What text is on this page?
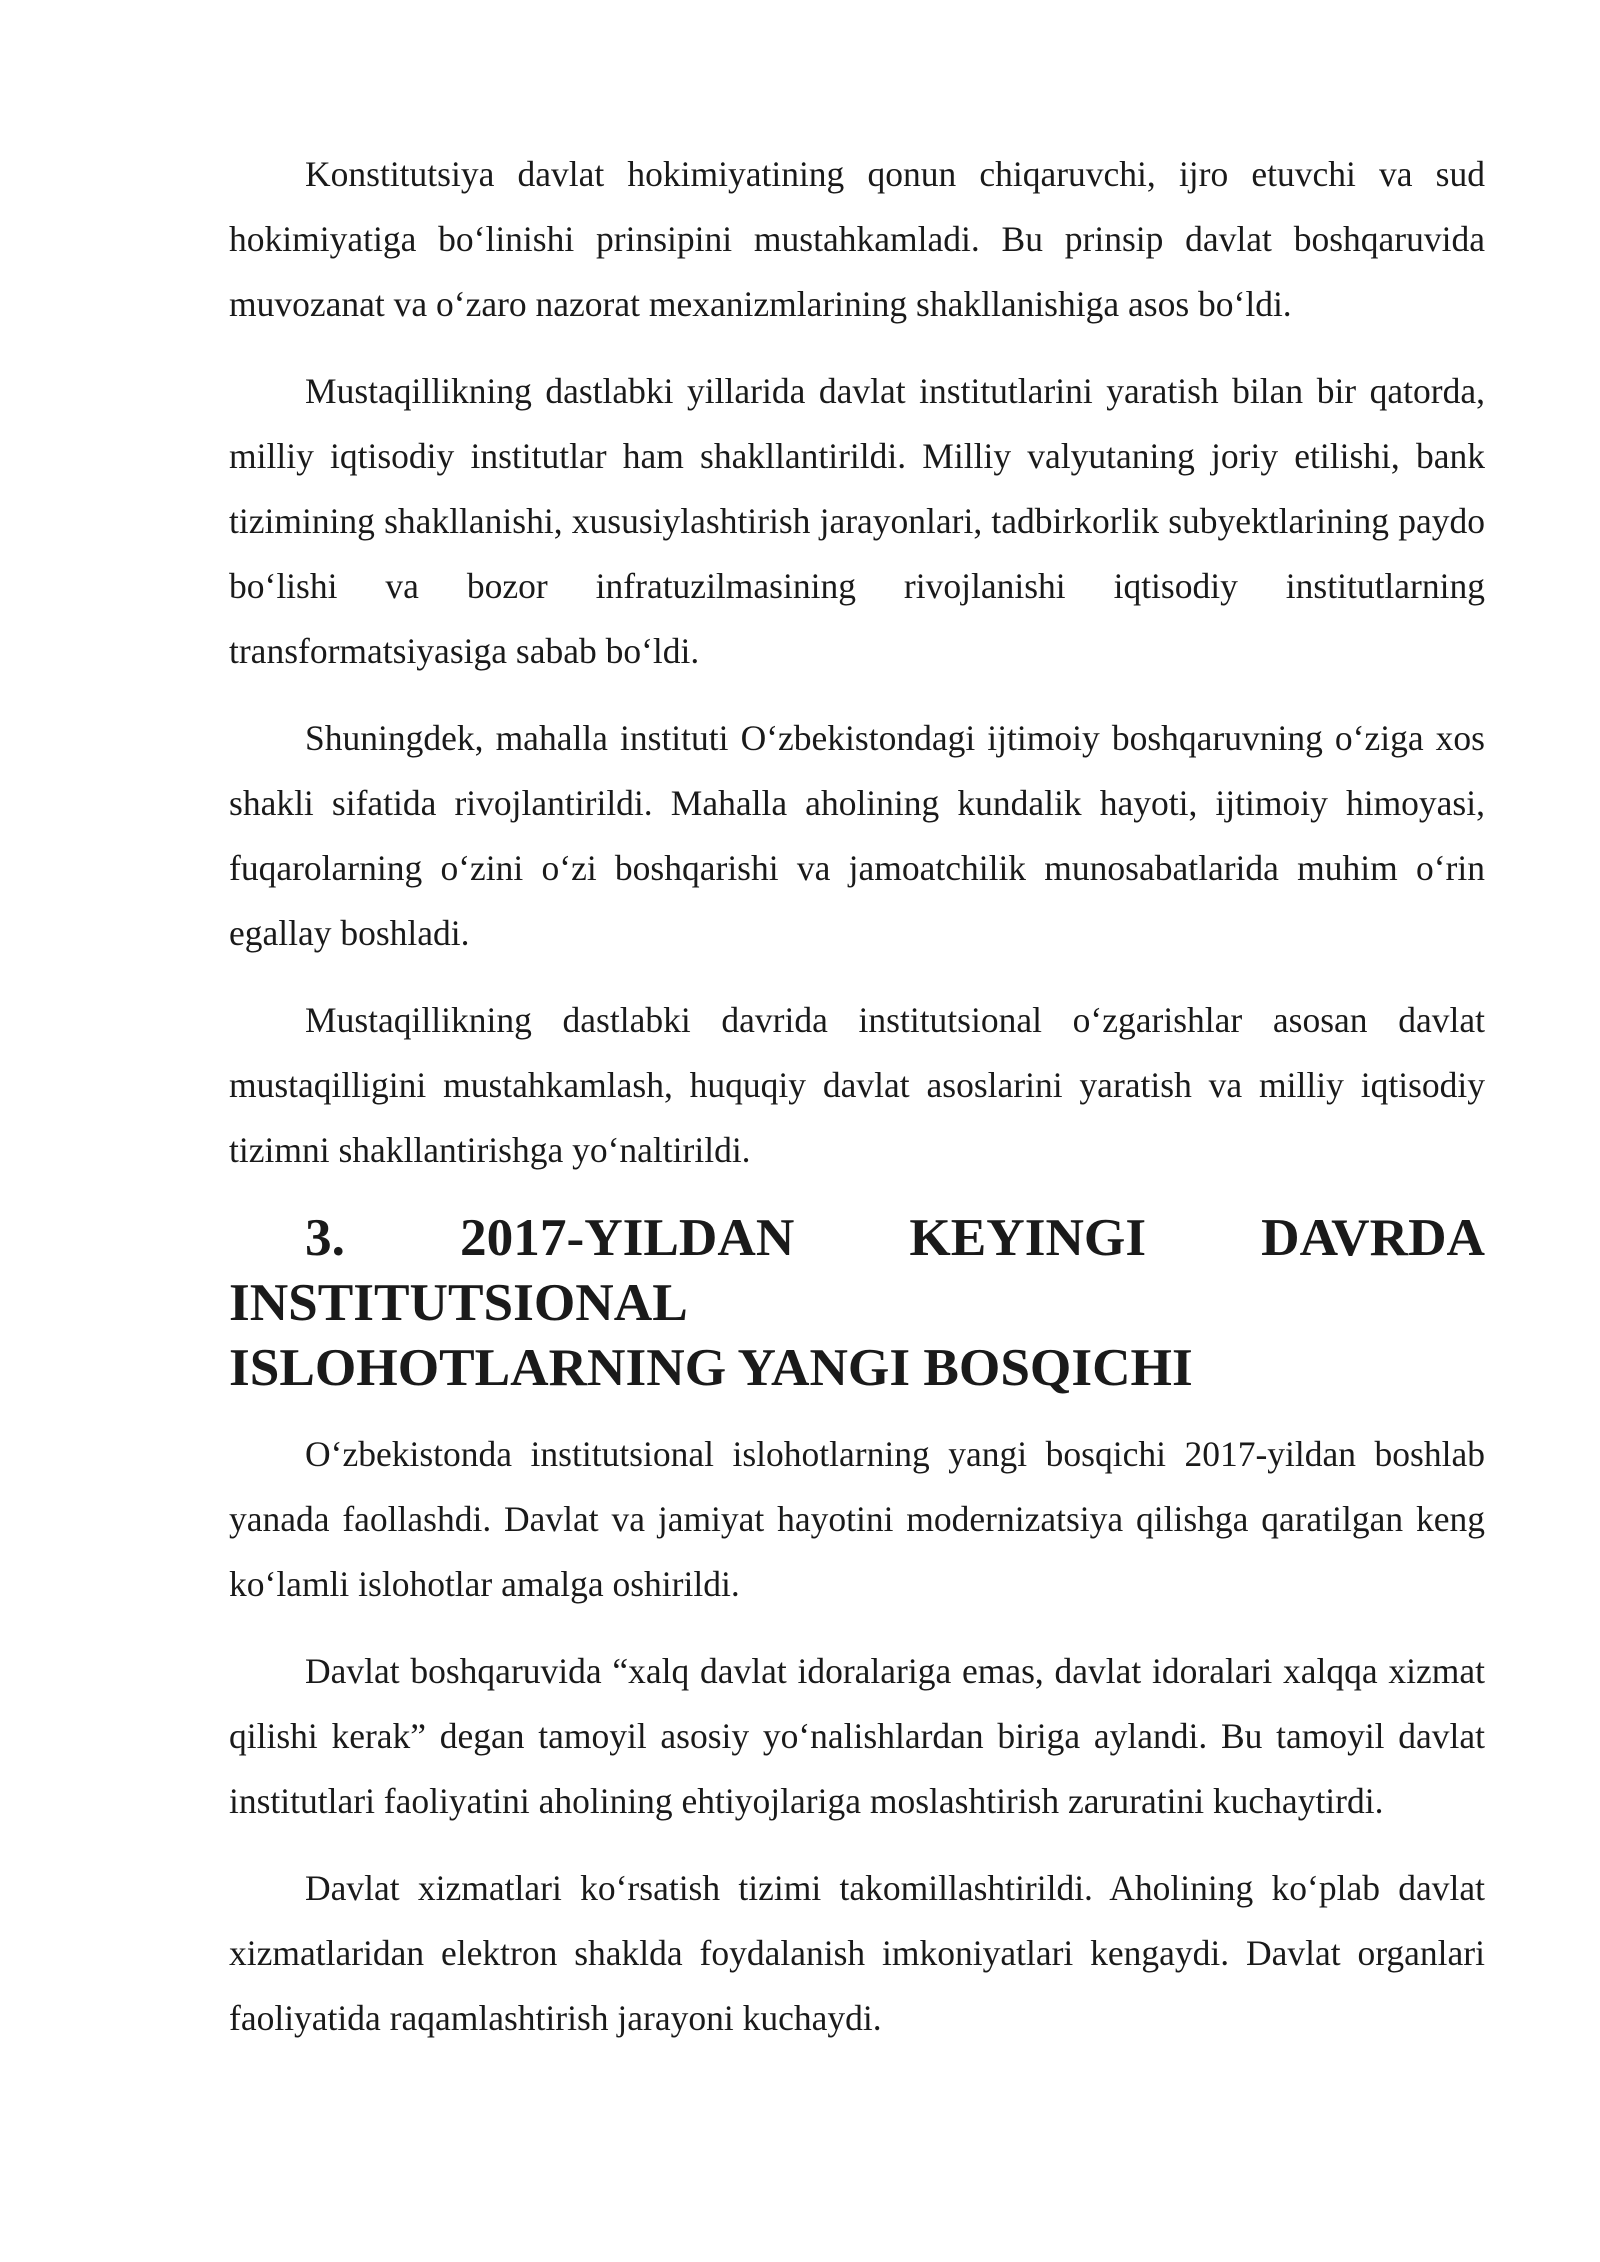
Konstitutsiya davlat hokimiyatining qonun chiqaruvchi, ijro etuvchi va sud hokimiyatiga bo‘linishi prinsipini mustahkamladi. Bu prinsip davlat boshqaruvida muvozanat va o‘zaro nazorat mexanizmlarining shakllanishiga asos bo‘ldi.

Mustaqillikning dastlabki yillarida davlat institutlarini yaratish bilan bir qatorda, milliy iqtisodiy institutlar ham shakllantirildi. Milliy valyutaning joriy etilishi, bank tizimining shakllanishi, xususiylashtirish jarayonlari, tadbirkorlik subyektlarining paydo bo‘lishi va bozor infratuzilmasining rivojlanishi iqtisodiy institutlarning transformatsiyasiga sabab bo‘ldi.

Shuningdek, mahalla instituti O‘zbekistondagi ijtimoiy boshqaruvning o‘ziga xos shakli sifatida rivojlantirildi. Mahalla aholining kundalik hayoti, ijtimoiy himoyasi, fuqarolarning o‘zini o‘zi boshqarishi va jamoatchilik munosabatlarida muhim o‘rin egallay boshladi.

Mustaqillikning dastlabki davrida institutsional o‘zgarishlar asosan davlat mustaqilligini mustahkamlash, huquqiy davlat asoslarini yaratish va milliy iqtisodiy tizimni shakllantirishga yo‘naltirildi.

3. 2017-YILDAN KEYINGI DAVRDA INSTITUTSIONAL
ISLOHOTLARNING YANGI BOSQICHI

O‘zbekistonda institutsional islohotlarning yangi bosqichi 2017-yildan boshlab yanada faollashdi. Davlat va jamiyat hayotini modernizatsiya qilishga qaratilgan keng ko‘lamli islohotlar amalga oshirildi.

Davlat boshqaruvida “xalq davlat idoralariga emas, davlat idoralari xalqqa xizmat qilishi kerak” degan tamoyil asosiy yo‘nalishlardan biriga aylandi. Bu tamoyil davlat institutlari faoliyatini aholining ehtiyojlariga moslashtirish zaruratini kuchaytirdi.

Davlat xizmatlari ko‘rsatish tizimi takomillashtirildi. Aholining ko‘plab davlat xizmatlaridan elektron shaklda foydalanish imkoniyatlari kengaydi. Davlat organlari faoliyatida raqamlashtirish jarayoni kuchaydi.
